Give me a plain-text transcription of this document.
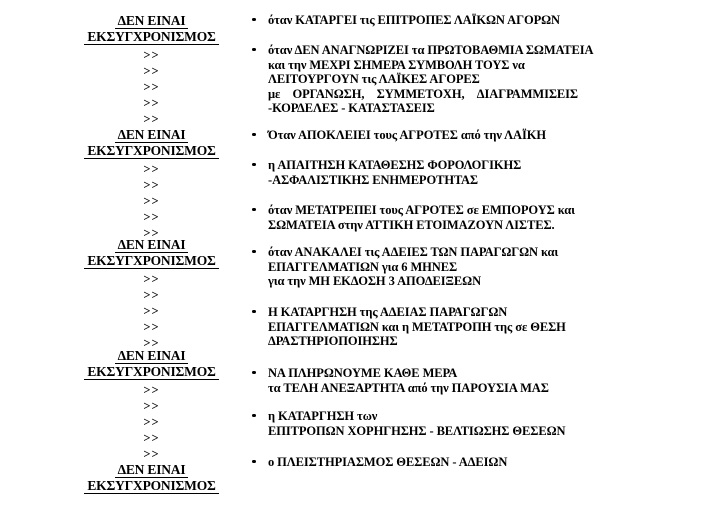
ΔΕΝ ΕΙΝΑΙ
ΕΚΣΥΓΧΡΟΝΙΣΜΟΣ
>>
>>
>>
>>
>>
ΔΕΝ ΕΙΝΑΙ
ΕΚΣΥΓΧΡΟΝΙΣΜΟΣ
>>
>>
>>
>>
>>
ΔΕΝ ΕΙΝΑΙ
ΕΚΣΥΓΧΡΟΝΙΣΜΟΣ
>>
>>
>>
>>
>>
ΔΕΝ ΕΙΝΑΙ
ΕΚΣΥΓΧΡΟΝΙΣΜΟΣ
>>
>>
>>
>>
>>
ΔΕΝ ΕΙΝΑΙ
ΕΚΣΥΓΧΡΟΝΙΣΜΟΣ
όταν ΚΑΤΑΡΓΕΙ τις ΕΠΙΤΡΟΠΕΣ ΛΑΪΚΩΝ ΑΓΟΡΩΝ
όταν ΔΕΝ ΑΝΑΓΝΩΡΙΖΕΙ τα ΠΡΩΤΟΒΑΘΜΙΑ ΣΩΜΑΤΕΙΑ
και την ΜΕΧΡΙ ΣΗΜΕΡΑ ΣΥΜΒΟΛΗ ΤΟΥΣ να
ΛΕΙΤΟΥΡΓΟΥΝ τις ΛΑΪΚΕΣ ΑΓΟΡΕΣ
με ΟΡΓΑΝΩΣΗ, ΣΥΜΜΕΤΟΧΗ, ΔΙΑΓΡΑΜΜΙΣΕΙΣ
-ΚΟΡΔΕΛΕΣ - ΚΑΤΑΣΤΑΣΕΙΣ
Όταν ΑΠΟΚΛΕΙΕΙ τους ΑΓΡΟΤΕΣ από την ΛΑΪΚΗ
η ΑΠΑΙΤΗΣΗ ΚΑΤΑΘΕΣΗΣ ΦΟΡΟΛΟΓΙΚΗΣ
-ΑΣΦΑΛΙΣΤΙΚΗΣ ΕΝΗΜΕΡΟΤΗΤΑΣ
όταν ΜΕΤΑΤΡΕΠΕΙ τους ΑΓΡΟΤΕΣ σε ΕΜΠΟΡΟΥΣ και
ΣΩΜΑΤΕΙΑ στην ΑΤΤΙΚΗ ΕΤΟΙΜΑΖΟΥΝ ΛΙΣΤΕΣ.
όταν ΑΝΑΚΑΛΕΙ τις ΑΔΕΙΕΣ ΤΩΝ ΠΑΡΑΓΩΓΩΝ και
ΕΠΑΓΓΕΛΜΑΤΙΩΝ για 6 ΜΗΝΕΣ
για την ΜΗ ΕΚΔΟΣΗ 3 ΑΠΟΔΕΙΞΕΩΝ
Η ΚΑΤΑΡΓΗΣΗ της ΑΔΕΙΑΣ ΠΑΡΑΓΩΓΩΝ
ΕΠΑΓΓΕΛΜΑΤΙΩΝ και η ΜΕΤΑΤΡΟΠΗ της σε ΘΕΣΗ
ΔΡΑΣΤΗΡΙΟΠΟΙΗΣΗΣ
ΝΑ ΠΛΗΡΩΝΟΥΜΕ ΚΑΘΕ ΜΕΡΑ
τα ΤΕΛΗ ΑΝΕΞΑΡΤΗΤΑ από την ΠΑΡΟΥΣΙΑ ΜΑΣ
η ΚΑΤΑΡΓΗΣΗ των
ΕΠΙΤΡΟΠΩΝ ΧΟΡΗΓΗΣΗΣ - ΒΕΛΤΙΩΣΗΣ ΘΕΣΕΩΝ
ο ΠΛΕΙΣΤΗΡΙΑΣΜΟΣ ΘΕΣΕΩΝ - ΑΔΕΙΩΝ
